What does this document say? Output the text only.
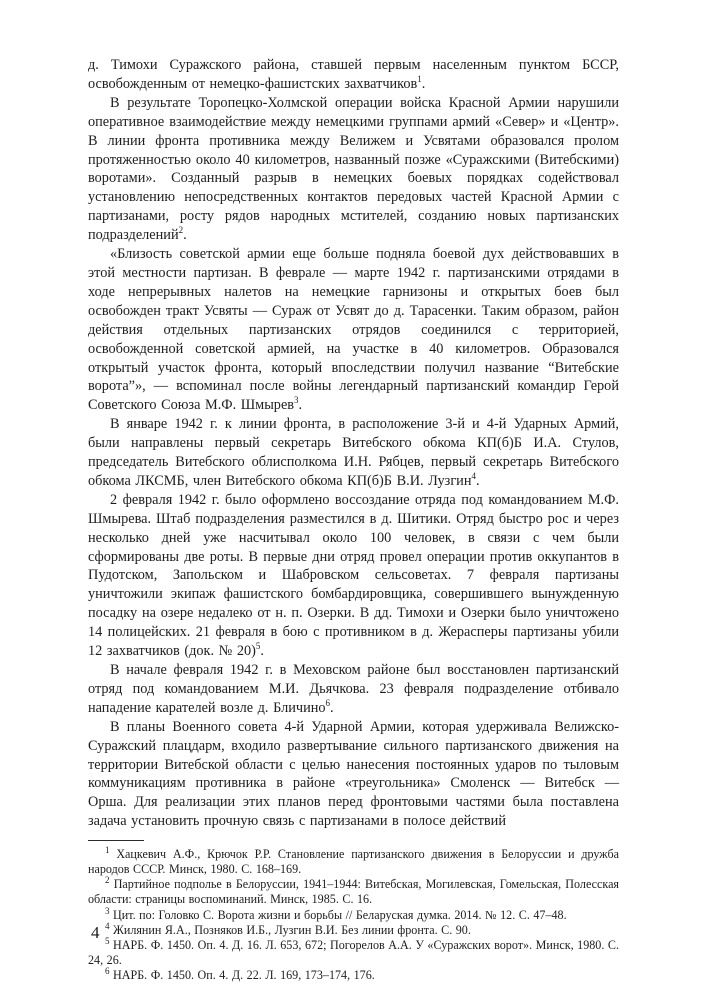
д. Тимохи Суражского района, ставшей первым населенным пунктом БССР, освобожденным от немецко-фашистских захватчиков$^1$.

В результате Торопецко-Холмской операции войска Красной Армии нарушили оперативное взаимодействие между немецкими группами армий «Север» и «Центр». В линии фронта противника между Велижем и Усвятами образовался пролом протяженностью около 40 километров, названный позже «Суражскими (Витебскими) воротами». Созданный разрыв в немецких боевых порядках содействовал установлению непосредственных контактов передовых частей Красной Армии с партизанами, росту рядов народных мстителей, созданию новых партизанских подразделений$^2$.

«Близость советской армии еще больше подняла боевой дух действовавших в этой местности партизан. В феврале — марте 1942 г. партизанскими отрядами в ходе непрерывных налетов на немецкие гарнизоны и открытых боев был освобожден тракт Усвяты — Сураж от Усвят до д. Тарасенки. Таким образом, район действия отдельных партизанских отрядов соединился с территорией, освобожденной советской армией, на участке в 40 километров. Образовался открытый участок фронта, который впоследствии получил название “Витебские ворота”», — вспоминал после войны легендарный партизанский командир Герой Советского Союза М.Ф. Шмырев$^3$.

В январе 1942 г. к линии фронта, в расположение 3-й и 4-й Ударных Армий, были направлены первый секретарь Витебского обкома КП(б)Б И.А. Стулов, председатель Витебского облисполкома И.Н. Рябцев, первый секретарь Витебского обкома ЛКСМБ, член Витебского обкома КП(б)Б В.И. Лузгин$^4$.

2 февраля 1942 г. было оформлено воссоздание отряда под командованием М.Ф. Шмырева. Штаб подразделения разместился в д. Шитики. Отряд быстро рос и через несколько дней уже насчитывал около 100 человек, в связи с чем были сформированы две роты. В первые дни отряд провел операции против оккупантов в Пудотском, Запольском и Шабровском сельсоветах. 7 февраля партизаны уничтожили экипаж фашистского бомбардировщика, совершившего вынужденную посадку на озере недалеко от н. п. Озерки. В дд. Тимохи и Озерки было уничтожено 14 полицейских. 21 февраля в бою с противником в д. Жерасперы партизаны убили 12 захватчиков (док. № 20)$^5$.

В начале февраля 1942 г. в Меховском районе был восстановлен партизанский отряд под командованием М.И. Дьячкова. 23 февраля подразделение отбивало нападение карателей возле д. Бличино$^6$.

В планы Военного совета 4-й Ударной Армии, которая удерживала Велижско-Суражский плацдарм, входило развертывание сильного партизанского движения на территории Витебской области с целью нанесения постоянных ударов по тыловым коммуникациям противника в районе «треугольника» Смоленск — Витебск — Орша. Для реализации этих планов перед фронтовыми частями была поставлена задача установить прочную связь с партизанами в полосе действий

$^1$ Хацкевич А.Ф., Крючок Р.Р. Становление партизанского движения в Белоруссии и дружба народов СССР. Минск, 1980. С. 168–169.

$^2$ Партийное подполье в Белоруссии, 1941–1944: Витебская, Могилевская, Гомельская, Полесская области: страницы воспоминаний. Минск, 1985. С. 16.

$^3$ Цит. по: Головко С. Ворота жизни и борьбы // Беларуская думка. 2014. № 12. С. 47–48.

$^4$ Жилянин Я.А., Позняков И.Б., Лузгин В.И. Без линии фронта. С. 90.

$^5$ НАРБ. Ф. 1450. Оп. 4. Д. 16. Л. 653, 672; Погорелов А.А. У «Суражских ворот». Минск, 1980. С. 24, 26.

$^6$ НАРБ. Ф. 1450. Оп. 4. Д. 22. Л. 169, 173–174, 176.

4
